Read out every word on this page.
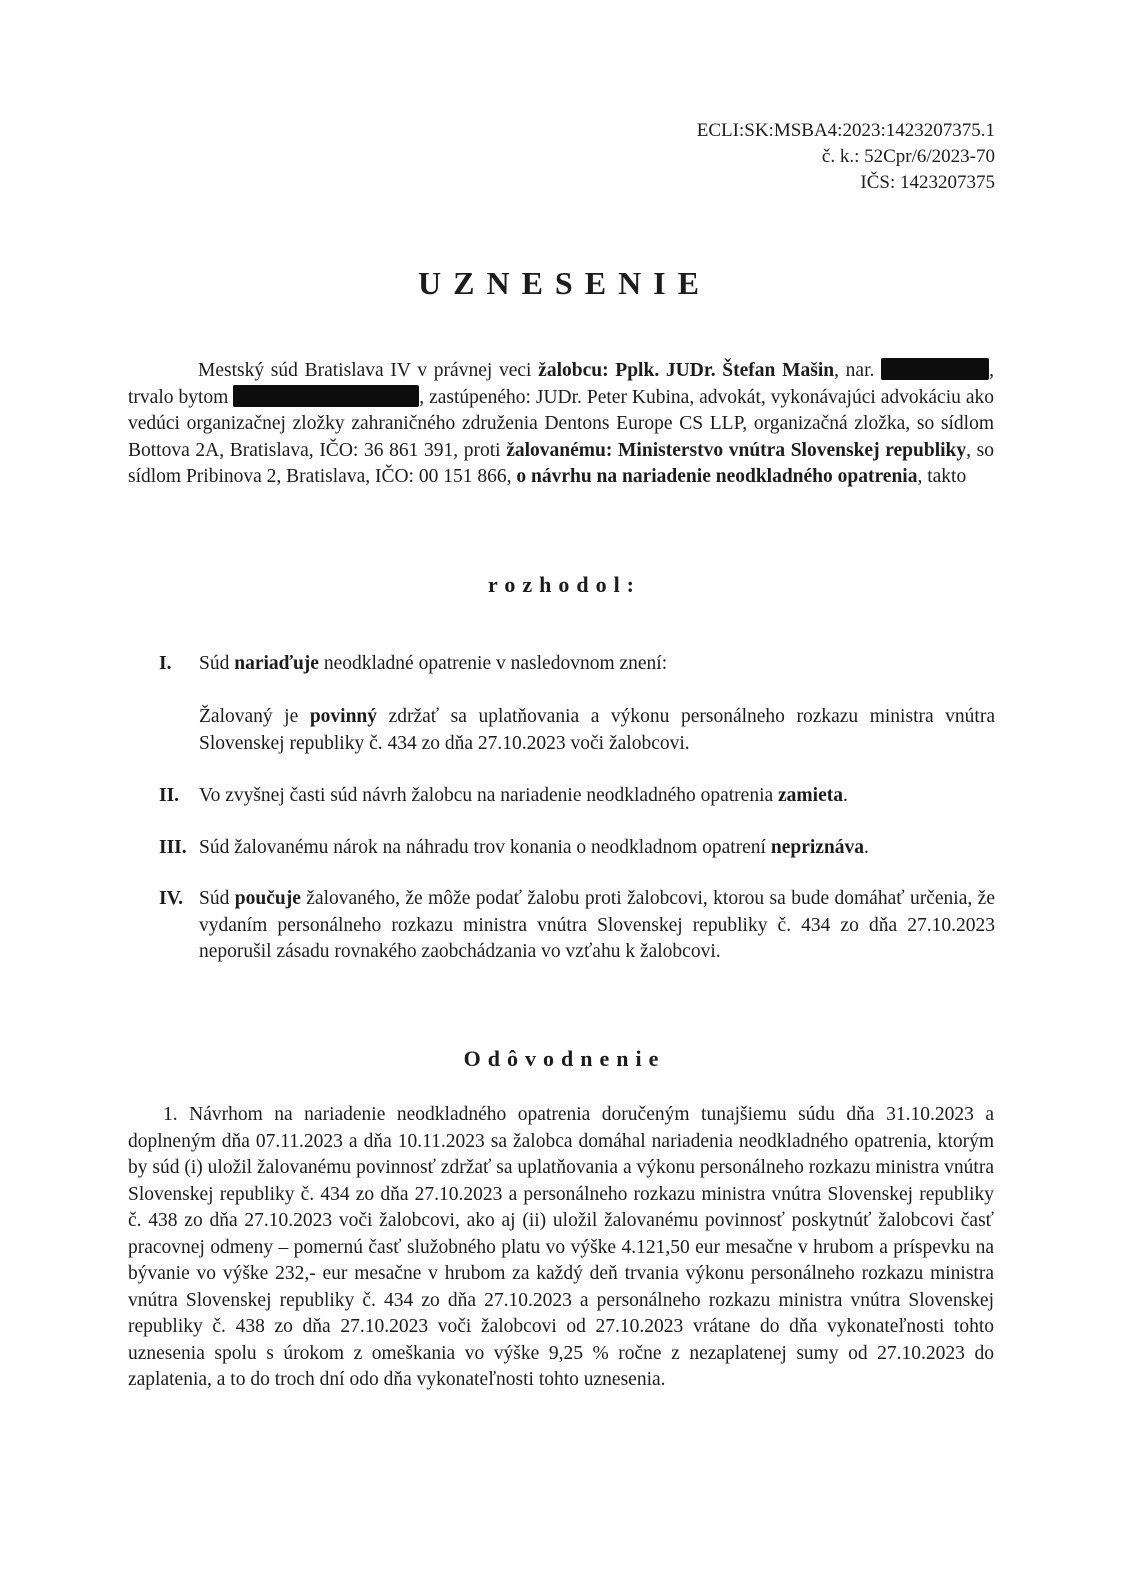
ECLI:SK:MSBA4:2023:1423207375.1
č. k.: 52Cpr/6/2023-70
IČS: 1423207375
UZNESENIE
Mestský súd Bratislava IV v právnej veci žalobcu: Pplk. JUDr. Štefan Mašin, nar.	, trvalo bytom	, zastúpeného: JUDr. Peter Kubina, advokát, vykonávajúci advokáciu ako vedúci organizačnej zložky zahraničného združenia Dentons Europe CS LLP, organizačná zložka, so sídlom Bottova 2A, Bratislava, IČO: 36 861 391, proti žalovanému: Ministerstvo vnútra Slovenskej republiky, so sídlom Pribinova 2, Bratislava, IČO: 00 151 866, o návrhu na nariadenie neodkladného opatrenia, takto
rozhodol:
I. Súd nariaďuje neodkladné opatrenie v nasledovnom znení:
Žalovaný je povinný zdržať sa uplatňovania a výkonu personálneho rozkazu ministra vnútra Slovenskej republiky č. 434 zo dňa 27.10.2023 voči žalobcovi.
II. Vo zvyšnej časti súd návrh žalobcu na nariadenie neodkladného opatrenia zamieta.
III. Súd žalovanému nárok na náhradu trov konania o neodkladnom opatrení nepriznáva.
IV. Súd poučuje žalovaného, že môže podať žalobu proti žalobcovi, ktorou sa bude domáhať určenia, že vydaním personálneho rozkazu ministra vnútra Slovenskej republiky č. 434 zo dňa 27.10.2023 neporušil zásadu rovnakého zaobchádzania vo vzťahu k žalobcovi.
Odôvodnenie
1. Návrhom na nariadenie neodkladného opatrenia doručeným tunajšiemu súdu dňa 31.10.2023 a doplneným dňa 07.11.2023 a dňa 10.11.2023 sa žalobca domáhal nariadenia neodkladného opatrenia, ktorým by súd (i) uložil žalovanému povinnosť zdržať sa uplatňovania a výkonu personálneho rozkazu ministra vnútra Slovenskej republiky č. 434 zo dňa 27.10.2023 a personálneho rozkazu ministra vnútra Slovenskej republiky č. 438 zo dňa 27.10.2023 voči žalobcovi, ako aj (ii) uložil žalovanému povinnosť poskytnúť žalobcovi časť pracovnej odmeny – pomernú časť služobného platu vo výške 4.121,50 eur mesačne v hrubom a príspevku na bývanie vo výške 232,- eur mesačne v hrubom za každý deň trvania výkonu personálneho rozkazu ministra vnútra Slovenskej republiky č. 434 zo dňa 27.10.2023 a personálneho rozkazu ministra vnútra Slovenskej republiky č. 438 zo dňa 27.10.2023 voči žalobcovi od 27.10.2023 vrátane do dňa vykonateľnosti tohto uznesenia spolu s úrokom z omeškania vo výške 9,25 % ročne z nezaplatenej sumy od 27.10.2023 do zaplatenia, a to do troch dní odo dňa vykonateľnosti tohto uznesenia.
